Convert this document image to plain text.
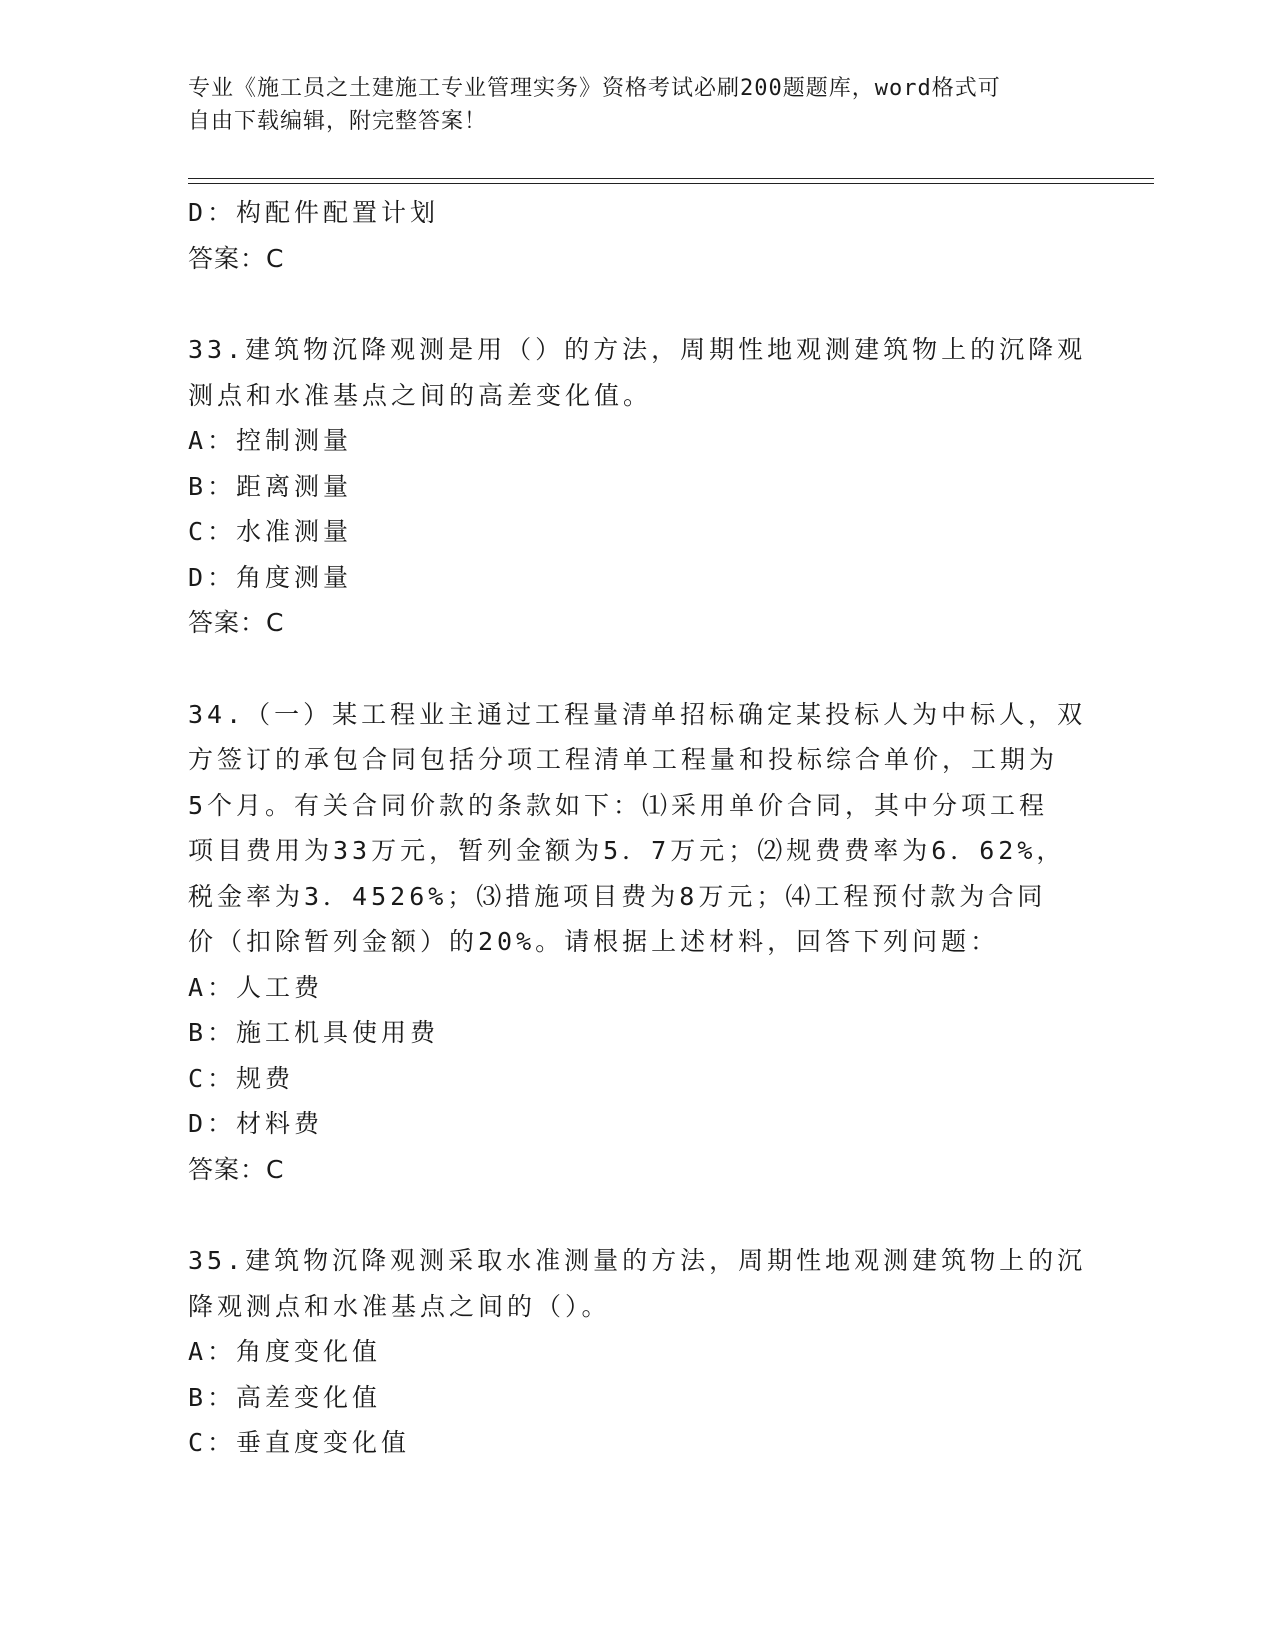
专业《施工员之土建施工专业管理实务》资格考试必刷200题题库，word格式可
自由下载编辑，附完整答案！
D：构配件配置计划
答案：C
33.建筑物沉降观测是用（）的方法，周期性地观测建筑物上的沉降观
测点和水准基点之间的高差变化值。
A：控制测量
B：距离测量
C：水准测量
D：角度测量
答案：C
34.（一）某工程业主通过工程量清单招标确定某投标人为中标人，双
方签订的承包合同包括分项工程清单工程量和投标综合单价，工期为
5个月。有关合同价款的条款如下：⑴采用单价合同，其中分项工程
项目费用为33万元，暂列金额为5．7万元；⑵规费费率为6．62%，
税金率为3．4526%；⑶措施项目费为8万元；⑷工程预付款为合同
价（扣除暂列金额）的20%。请根据上述材料，回答下列问题：
A：人工费
B：施工机具使用费
C：规费
D：材料费
答案：C
35.建筑物沉降观测采取水准测量的方法，周期性地观测建筑物上的沉
降观测点和水准基点之间的（）。
A：角度变化值
B：高差变化值
C：垂直度变化值
